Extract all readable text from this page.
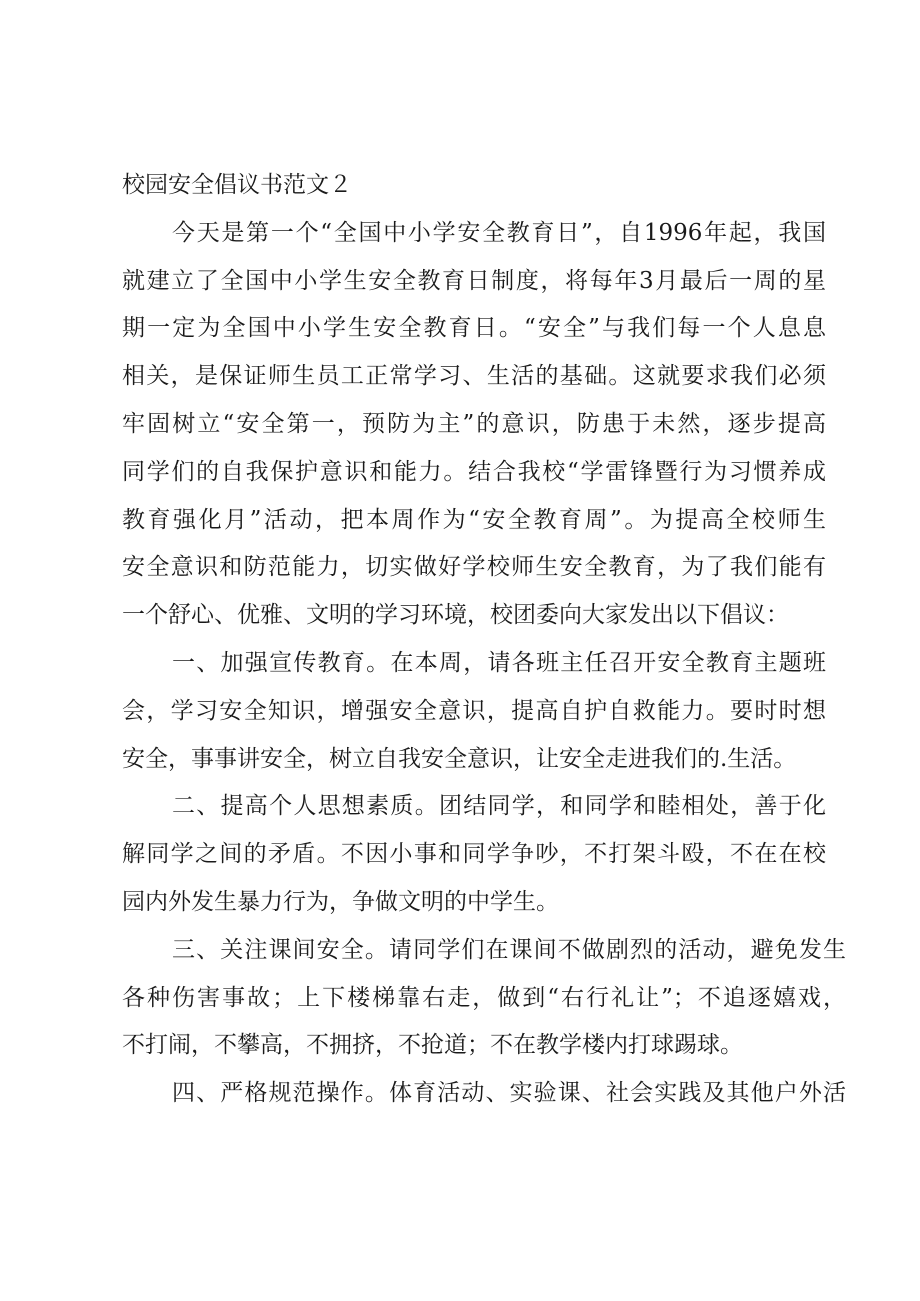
校园安全倡议书范文２
今天是第一个“全国中小学安全教育日”，自1996年起，我国
就建立了全国中小学生安全教育日制度，将每年3月最后一周的星
期一定为全国中小学生安全教育日。“安全”与我们每一个人息息
相关，是保证师生员工正常学习、生活的基础。这就要求我们必须
牢固树立“安全第一，预防为主”的意识，防患于未然，逐步提高
同学们的自我保护意识和能力。结合我校“学雷锋暨行为习惯养成
教育强化月”活动，把本周作为“安全教育周”。为提高全校师生
安全意识和防范能力，切实做好学校师生安全教育，为了我们能有
一个舒心、优雅、文明的学习环境，校团委向大家发出以下倡议：
一、加强宣传教育。在本周，请各班主任召开安全教育主题班
会，学习安全知识，增强安全意识，提高自护自救能力。要时时想
安全，事事讲安全，树立自我安全意识，让安全走进我们的.生活。
二、提高个人思想素质。团结同学，和同学和睦相处，善于化
解同学之间的矛盾。不因小事和同学争吵，不打架斗殴，不在在校
园内外发生暴力行为，争做文明的中学生。
三、关注课间安全。请同学们在课间不做剧烈的活动，避免发生
各种伤害事故；上下楼梯靠右走，做到“右行礼让”；不追逐嬉戏，
不打闹，不攀高，不拥挤，不抢道；不在教学楼内打球踢球。
四、严格规范操作。体育活动、实验课、社会实践及其他户外活
